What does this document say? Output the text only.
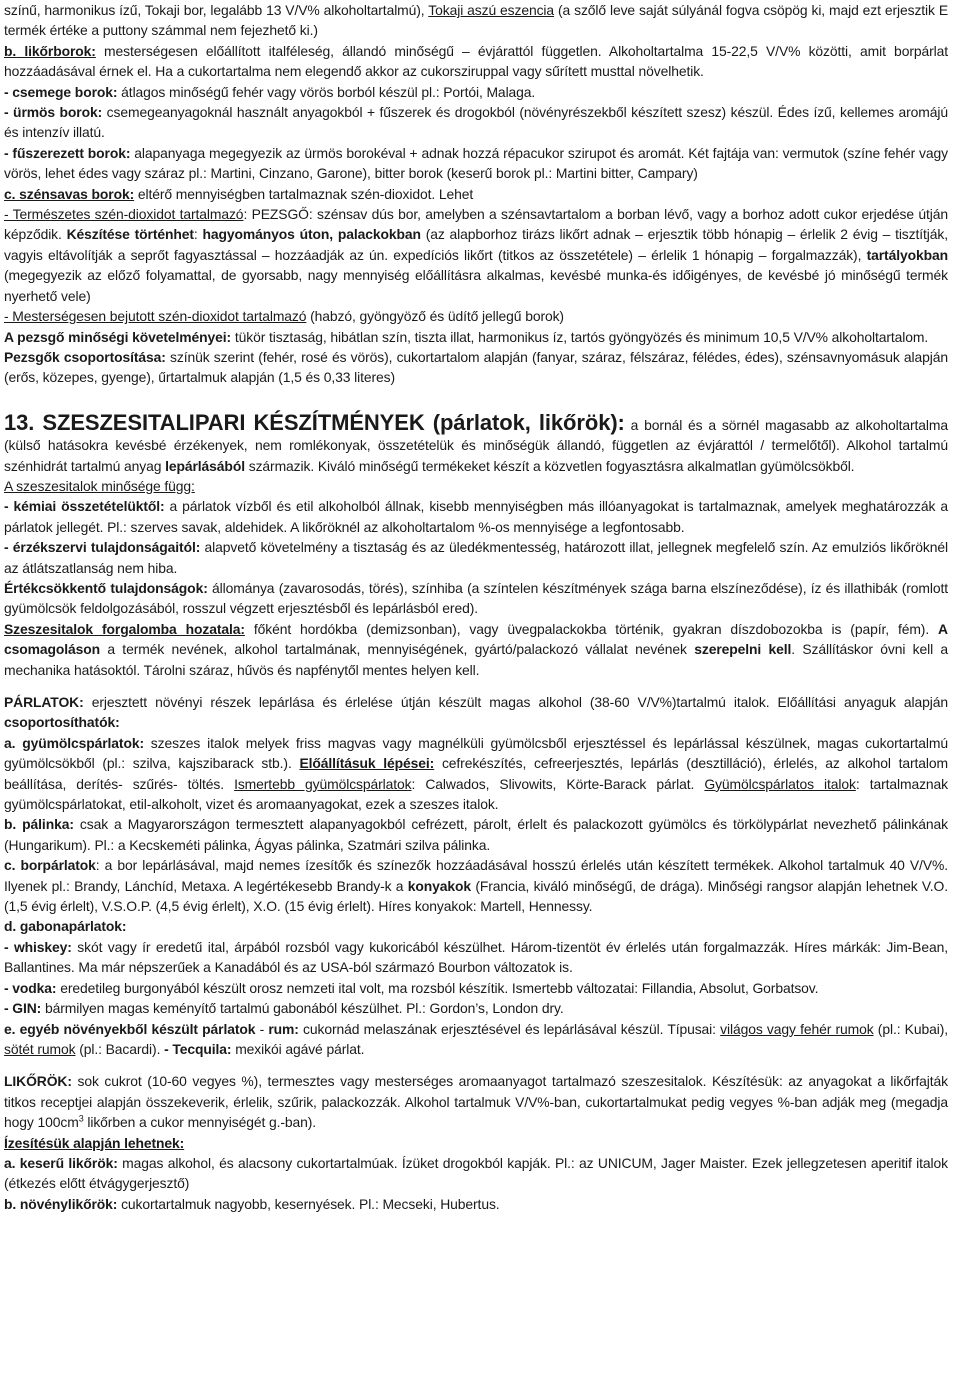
színű, harmonikus ízű, Tokaji bor, legalább 13 V/V% alkoholtartalmú), Tokaji aszú eszencia (a szőlő leve saját súlyánál fogva csöpög ki, majd ezt erjesztik E termék értéke a puttony számmal nem fejezhető ki.)

b. likőrborok: mesterségesen előállított italféleség, állandó minőségű – évjárattól független. Alkoholtartalma 15-22,5 V/V% közötti, amit borpárlat hozzáadásával érnek el. Ha a cukortartalma nem elegendő akkor az cukorsziruppal vagy sűrített musttal növelhetik.

- csemege borok: átlagos minőségű fehér vagy vörös borból készül pl.: Portói, Malaga.

- ürmös borok: csemegeanyagoknál használt anyagokból + fűszerek és drogokból (növényrészekből készített szesz) készül. Édes ízű, kellemes aromájú és intenzív illatú.

- fűszerezett borok: alapanyaga megegyezik az ürmös borokéval + adnak hozzá répacukor szirupot és aromát. Két fajtája van: vermutok (színe fehér vagy vörös, lehet édes vagy száraz pl.: Martini, Cinzano, Garone), bitter borok (keserű borok pl.: Martini bitter, Campary)

c. szénsavas borok: eltérő mennyiségben tartalmaznak szén-dioxidot. Lehet

- Természetes szén-dioxidot tartalmazó: PEZSGŐ: szénsav dús bor, amelyben a szénsavtartalom a borban lévő, vagy a borhoz adott cukor erjedése útján képződik. Készítése történhet: hagyományos úton, palackokban (az alapborhoz tirázs likőrt adnak – erjesztik több hónapig – érlelik 2 évig – tisztítják, vagyis eltávolítják a seprőt fagyasztással – hozzáadják az ún. expedíciós likőrt (titkos az összetétele) – érlelik 1 hónapig – forgalmazzák), tartályokban (megegyezik az előző folyamattal, de gyorsabb, nagy mennyiség előállításra alkalmas, kevésbé munka-és időigényes, de kevésbé jó minőségű termék nyerhető vele)

- Mesterségesen bejutott szén-dioxidot tartalmazó (habzó, gyöngyöző és üdítő jellegű borok)

A pezsgő minőségi követelményei: tükör tisztaság, hibátlan szín, tiszta illat, harmonikus íz, tartós gyöngyözés és minimum 10,5 V/V% alkoholtartalom.

Pezsgők csoportosítása: színük szerint (fehér, rosé és vörös), cukortartalom alapján (fanyar, száraz, félszáraz, félédes, édes), szénsavnyomásuk alapján (erős, közepes, gyenge), űrtartalmuk alapján (1,5 és 0,33 literes)

13. SZESZESITALIPARI KÉSZÍTMÉNYEK (párlatok, likőrök): a bornál és a sörnél magasabb az alkoholtartalma (külső hatásokra kevésbé érzékenyek, nem romlékonyak, összetételük és minőségük állandó, független az évjárattól / termelőtől). Alkohol tartalmú szénhidrát tartalmú anyag lepárlásából származik. Kiváló minőségű termékeket készít a közvetlen fogyasztásra alkalmatlan gyümölcsökből.

A szeszesitalok minősége függ:

- kémiai összetételüktől: a párlatok vízből és etil alkoholból állnak, kisebb mennyiségben más illóanyagokat is tartalmaznak, amelyek meghatározzák a párlatok jellegét. Pl.: szerves savak, aldehidek. A likőröknél az alkoholtartalom %-os mennyisége a legfontosabb.

- érzékszervi tulajdonságaitól: alapvető követelmény a tisztaság és az üledékmentesség, határozott illat, jellegnek megfelelő szín. Az emulziós likőröknél az átlátszatlanság nem hiba.

Értékcsökkentő tulajdonságok: állománya (zavarosodás, törés), színhiba (a színtelen készítmények szága barna elszíneződése), íz és illathibák (romlott gyümölcsök feldolgozásából, rosszul végzett erjesztésből és lepárlásból ered).

Szeszesitalok forgalomba hozatala: főként hordókba (demizsonban), vagy üvegpalackokba történik, gyakran díszdobozokba is (papír, fém). A csomagoláson a termék nevének, alkohol tartalmának, mennyiségének, gyártó/palackozó vállalat nevének szerepelni kell. Szállításkor óvni kell a mechanika hatásoktól. Tárolni száraz, hűvös és napfénytől mentes helyen kell.

PÁRLATOK: erjesztett növényi részek lepárlása és érlelése útján készült magas alkohol (38-60 V/V%)tartalmú italok. Előállítási anyaguk alapján csoportosíthatók:

a. gyümölcspárlatok: szeszes italok melyek friss magvas vagy magnélküli gyümölcsből erjesztéssel és lepárlással készülnek, magas cukortartalmú gyümölcsökből (pl.: szilva, kajszibarack stb.). Előállításuk lépései: cefrekészítés, cefreerjesztés, lepárlás (desztilláció), érlelés, az alkohol tartalom beállítása, derítés- szűrés- töltés. Ismertebb gyümölcspárlatok: Calwados, Slivowits, Körte-Barack párlat. Gyümölcspárlatos italok: tartalmaznak gyümölcspárlatokat, etil-alkoholt, vizet és aromaanyagokat, ezek a szeszes italok.

b. pálinka: csak a Magyarországon termesztett alapanyagokból cefrézett, párolt, érlelt és palackozott gyümölcs és törkölypárlat nevezhető pálinkának (Hungarikum). Pl.: a Kecskeméti pálinka, Ágyas pálinka, Szatmári szilva pálinka.

c. borpárlatok: a bor lepárlásával, majd nemes ízesítők és színezők hozzáadásával hosszú érlelés után készített termékek. Alkohol tartalmuk 40 V/V%. Ilyenek pl.: Brandy, Lánchíd, Metaxa. A legértékesebb Brandy-k a konyakok (Francia, kiváló minőségű, de drága). Minőségi rangsor alapján lehetnek V.O. (1,5 évig érlelt), V.S.O.P. (4,5 évig érlelt), X.O. (15 évig érlelt). Híres konyakok: Martell, Hennessy.

d. gabonapárlatok:

- whiskey: skót vagy ír eredetű ital, árpából rozsból vagy kukoricából készülhet. Három-tizentöt év érlelés után forgalmazzák. Híres márkák: Jim-Bean, Ballantines. Ma már népszerűek a Kanadából és az USA-ból származó Bourbon változatok is.

- vodka: eredetileg burgonyából készült orosz nemzeti ital volt, ma rozsból készítik. Ismertebb változatai: Fillandia, Absolut, Gorbatsov.

- GIN: bármilyen magas keményítő tartalmú gabonából készülhet. Pl.: Gordon’s, London dry.

e. egyéb növényekből készült párlatok - rum: cukornád melaszának erjesztésével és lepárlásával készül. Típusai: világos vagy fehér rumok (pl.: Kubai), sötét rumok (pl.: Bacardi). - Tecquila: mexikói agávé párlat.

LIKŐRÖK: sok cukrot (10-60 vegyes %), termesztes vagy mesterséges aromaanyagot tartalmazó szeszesitalok. Készítésük: az anyagokat a likőrfajták titkos receptjei alapján összekeverik, érlelik, szűrik, palackozzák. Alkohol tartalmuk V/V%-ban, cukortartalmukat pedig vegyes %-ban adják meg (megadja hogy $100cm^3$ likőrben a cukor mennyiségét g.-ban).

Ízesítésük alapján lehetnek:

a. keserű likőrök: magas alkohol, és alacsony cukortartalmúak. Ízüket drogokból kapják. Pl.: az UNICUM, Jager Maister. Ezek jellegzetesen aperitif italok (étkezés előtt étvágygerjesztő)

b. növénylikőrök: cukortartalmuk nagyobb, kesernyések. Pl.: Mecseki, Hubertus.
